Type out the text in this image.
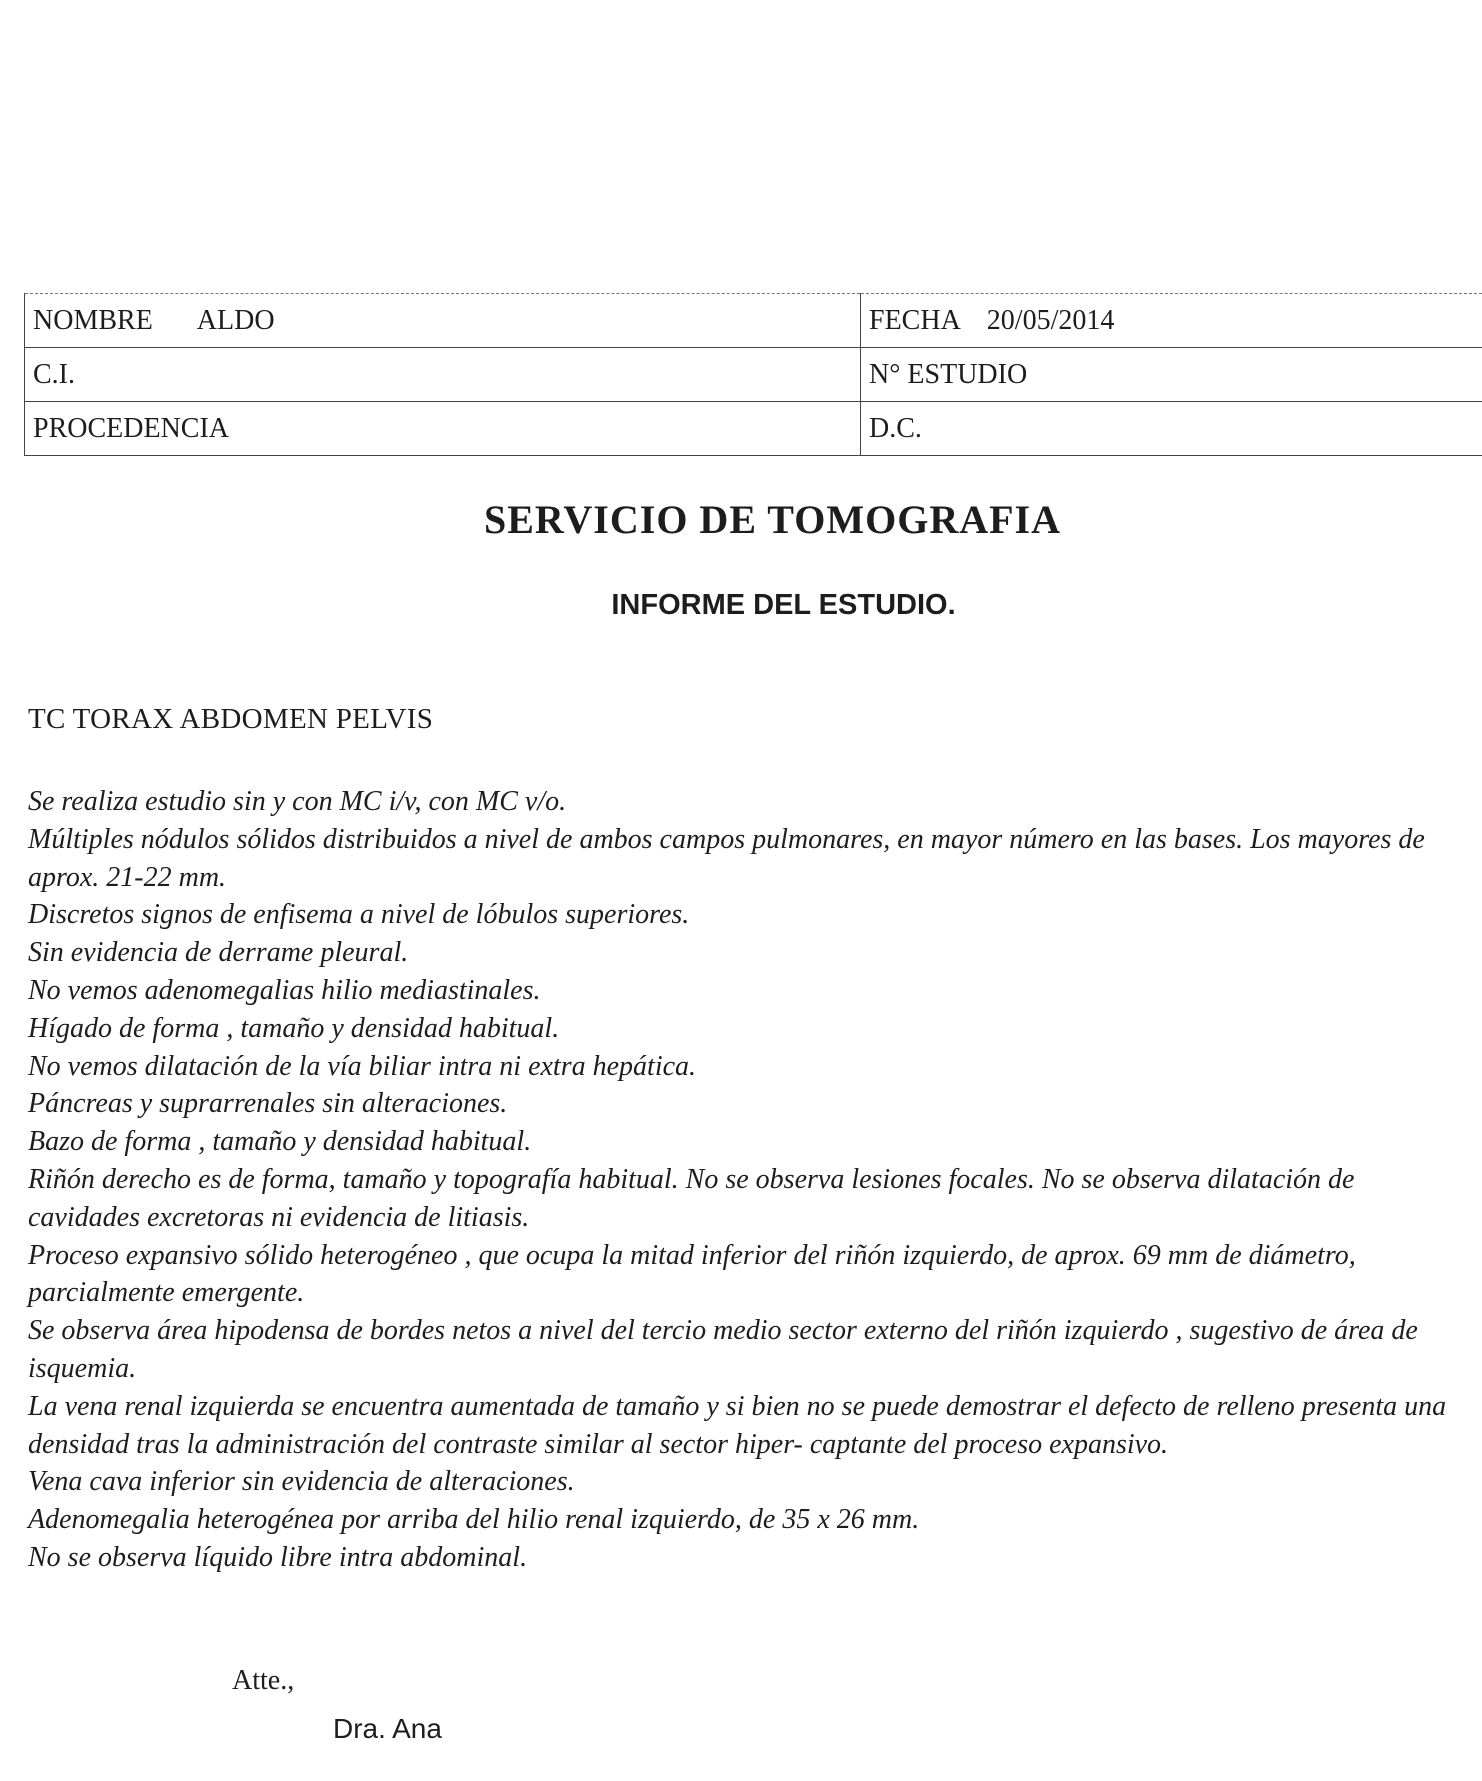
NOMBRE ALDO	FECHA 20/05/2014
C.I.	N° ESTUDIO
PROCEDENCIA	D.C.
SERVICIO DE TOMOGRAFIA
INFORME DEL ESTUDIO.
TC TORAX ABDOMEN PELVIS

Se realiza estudio sin y con MC i/v, con MC v/o.

Múltiples nódulos sólidos distribuidos a nivel de ambos campos pulmonares, en mayor número en las bases. Los mayores de aprox. 21-22 mm.

Discretos signos de enfisema a nivel de lóbulos superiores.

Sin evidencia de derrame pleural.

No vemos adenomegalias hilio mediastinales.

Hígado de forma , tamaño y densidad habitual.

No vemos dilatación de la vía biliar intra ni extra hepática.

Páncreas y suprarrenales sin alteraciones.

Bazo de forma , tamaño y densidad habitual.

Riñón derecho es de forma, tamaño y topografía habitual. No se observa lesiones focales. No se observa dilatación de cavidades excretoras ni evidencia de litiasis.

Proceso expansivo sólido heterogéneo , que ocupa la mitad inferior del riñón izquierdo, de aprox. 69 mm de diámetro, parcialmente emergente.

Se observa área hipodensa de bordes netos a nivel del tercio medio sector externo del riñón izquierdo , sugestivo de área de isquemia.

La vena renal izquierda se encuentra aumentada de tamaño y si bien no se puede demostrar el defecto de relleno presenta una densidad tras la administración del contraste similar al sector hiper- captante del proceso expansivo.

Vena cava inferior sin evidencia de alteraciones.

Adenomegalia heterogénea por arriba del hilio renal izquierdo, de 35 x 26 mm.

No se observa líquido libre intra abdominal.

Atte.,
Dra. Ana
